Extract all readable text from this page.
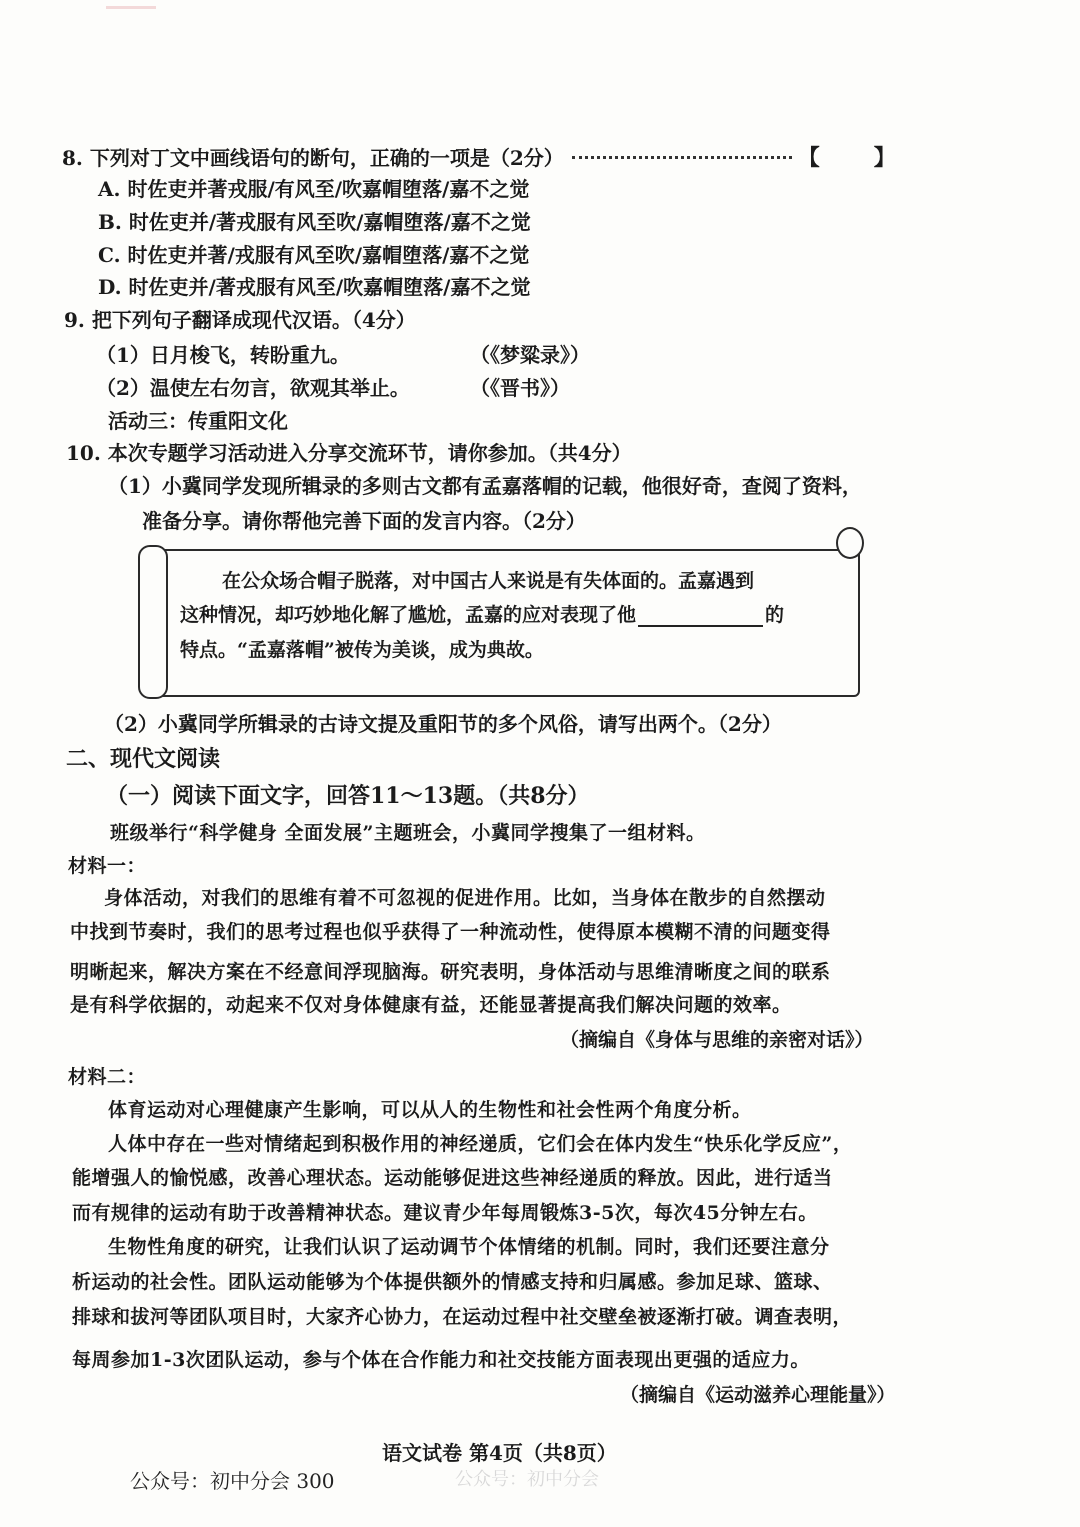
8. 下列对丁文中画线语句的断句，正确的一项是（2分）	【 】
A. 时佐吏并著戎服/有风至/吹嘉帽堕落/嘉不之觉
B. 时佐吏并/著戎服有风至吹/嘉帽堕落/嘉不之觉
C. 时佐吏并著/戎服有风至吹/嘉帽堕落/嘉不之觉
D. 时佐吏并/著戎服有风至/吹嘉帽堕落/嘉不之觉
9. 把下列句子翻译成现代汉语。（4分）
（1）日月梭飞，转盼重九。	（《梦粱录》）
（2）温使左右勿言，欲观其举止。	（《晋书》）
活动三：传重阳文化
10. 本次专题学习活动进入分享交流环节，请你参加。（共4分）
（1）小冀同学发现所辑录的多则古文都有孟嘉落帽的记载，他很好奇，查阅了资料，
准备分享。请你帮他完善下面的发言内容。（2分）
在公众场合帽子脱落，对中国古人来说是有失体面的。孟嘉遇到
这种情况，却巧妙地化解了尴尬，孟嘉的应对表现了他	的
特点。“孟嘉落帽”被传为美谈，成为典故。
（2）小冀同学所辑录的古诗文提及重阳节的多个风俗，请写出两个。（2分）
二、现代文阅读
（一）阅读下面文字，回答11～13题。（共8分）
班级举行“科学健身 全面发展”主题班会，小冀同学搜集了一组材料。
材料一：
身体活动，对我们的思维有着不可忽视的促进作用。比如，当身体在散步的自然摆动
中找到节奏时，我们的思考过程也似乎获得了一种流动性，使得原本模糊不清的问题变得
明晰起来，解决方案在不经意间浮现脑海。研究表明，身体活动与思维清晰度之间的联系
是有科学依据的，动起来不仅对身体健康有益，还能显著提高我们解决问题的效率。
（摘编自《身体与思维的亲密对话》）
材料二：
体育运动对心理健康产生影响，可以从人的生物性和社会性两个角度分析。
人体中存在一些对情绪起到积极作用的神经递质，它们会在体内发生“快乐化学反应”，
能增强人的愉悦感，改善心理状态。运动能够促进这些神经递质的释放。因此，进行适当
而有规律的运动有助于改善精神状态。建议青少年每周锻炼3-5次，每次45分钟左右。
生物性角度的研究，让我们认识了运动调节个体情绪的机制。同时，我们还要注意分
析运动的社会性。团队运动能够为个体提供额外的情感支持和归属感。参加足球、篮球、
排球和拔河等团队项目时，大家齐心协力，在运动过程中社交壁垒被逐渐打破。调查表明，
每周参加1-3次团队运动，参与个体在合作能力和社交技能方面表现出更强的适应力。
（摘编自《运动滋养心理能量》）
语文试卷 第4页（共8页）
公众号：初中分会 300	公众号：初中分会
